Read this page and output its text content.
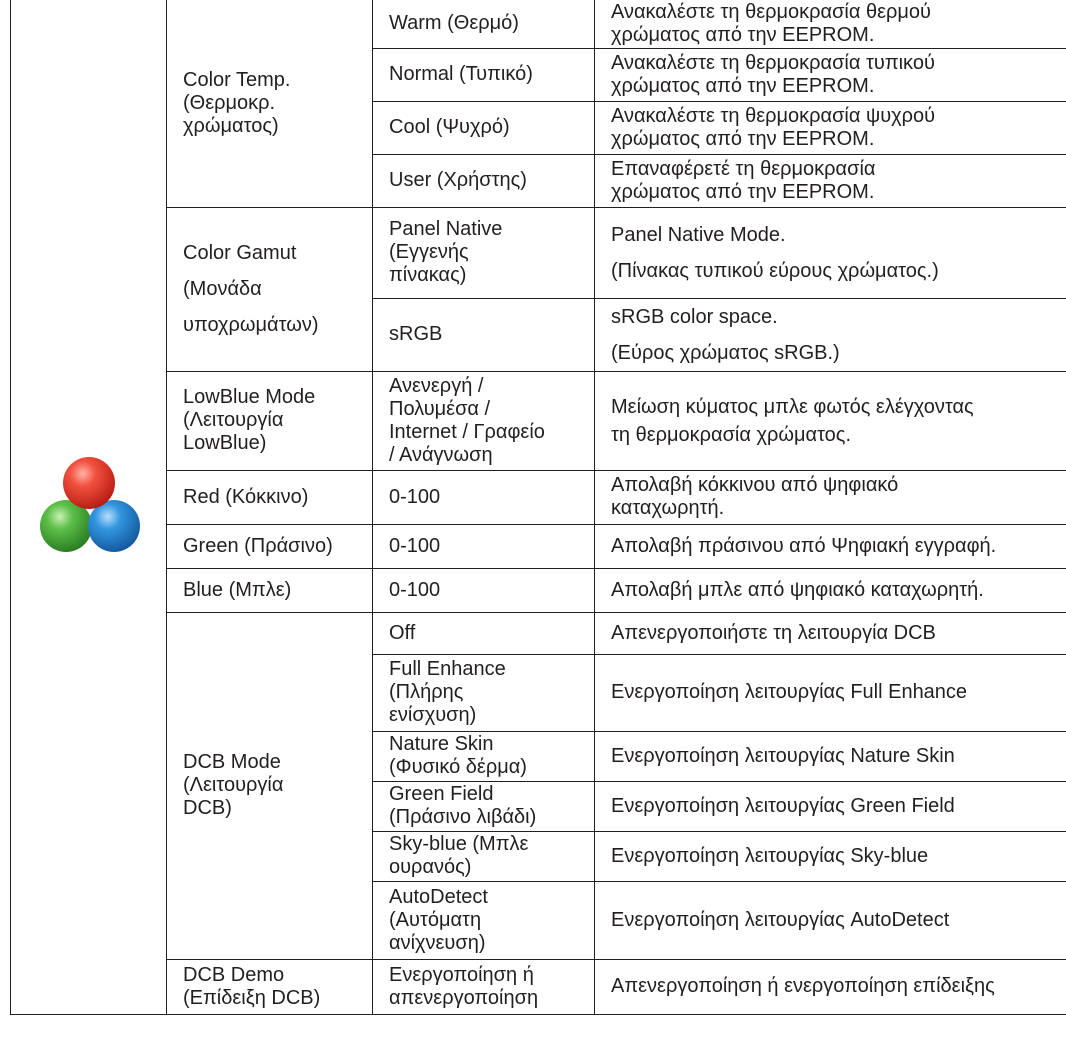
	Color Temp.
(Θερμοκρ.
χρώματος)	Warm (Θερμό)	Ανακαλέστε τη θερμοκρασία θερμού
χρώματος από την EEPROM.
		Normal (Τυπικό)	Ανακαλέστε τη θερμοκρασία τυπικού
χρώματος από την EEPROM.
		Cool (Ψυχρό)	Ανακαλέστε τη θερμοκρασία ψυχρού
χρώματος από την EEPROM.
		User (Χρήστης)	Επαναφέρετέ τη θερμοκρασία
χρώματος από την EEPROM.
	Color Gamut
(Μονάδα
υποχρωμάτων)	Panel Native
(Εγγενής
πίνακας)	Panel Native Mode.
(Πίνακας τυπικού εύρους χρώματος.)
		sRGB	sRGB color space.
(Εύρος χρώματος sRGB.)
	LowBlue Mode
(Λειτουργία
LowBlue)	Ανενεργή /
Πολυμέσα /
Internet / Γραφείο
/ Ανάγνωση	Μείωση κύματος μπλε φωτός ελέγχοντας
τη θερμοκρασία χρώματος.
	Red (Κόκκινο)	0-100	Απολαβή κόκκινου από ψηφιακό
καταχωρητή.
	Green (Πράσινο)	0-100	Απολαβή πράσινου από Ψηφιακή εγγραφή.
	Blue (Μπλε)	0-100	Απολαβή μπλε από ψηφιακό καταχωρητή.
	DCB Mode
(Λειτουργία
DCB)	Off	Απενεργοποιήστε τη λειτουργία DCB
		Full Enhance
(Πλήρης
ενίσχυση)	Ενεργοποίηση λειτουργίας Full Enhance
		Nature Skin
(Φυσικό δέρμα)	Ενεργοποίηση λειτουργίας Nature Skin
		Green Field
(Πράσινο λιβάδι)	Ενεργοποίηση λειτουργίας Green Field
		Sky-blue (Μπλε
ουρανός)	Ενεργοποίηση λειτουργίας Sky-blue
		AutoDetect
(Αυτόματη
ανίχνευση)	Ενεργοποίηση λειτουργίας AutoDetect
	DCB Demo
(Επίδειξη DCB)	Ενεργοποίηση ή
απενεργοποίηση	Απενεργοποίηση ή ενεργοποίηση επίδειξης
